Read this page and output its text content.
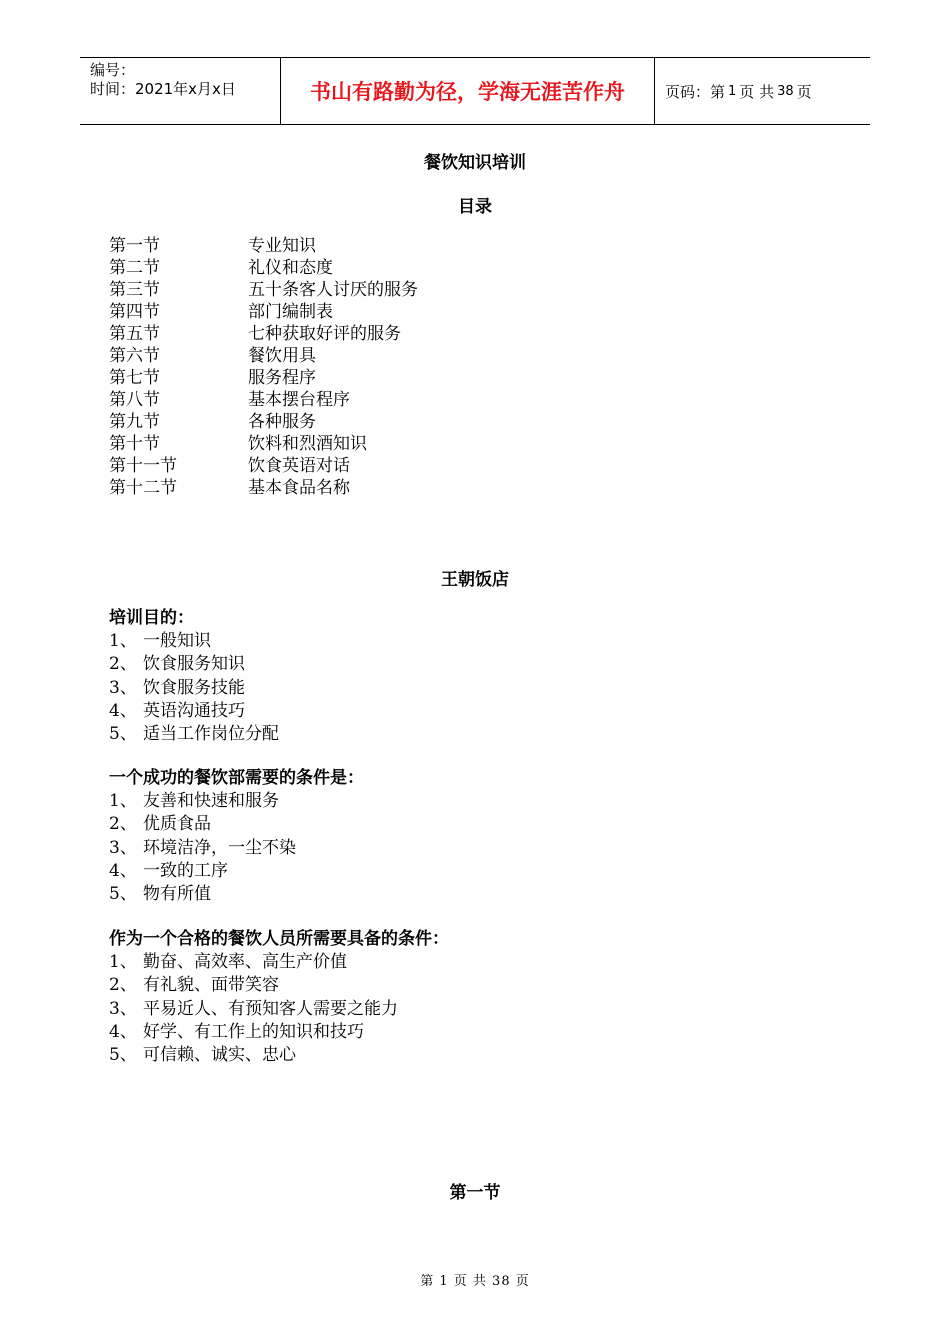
编号：
时间：2021年x月x日	书山有路勤为径，学海无涯苦作舟	页码：第 1 页 共 38 页
餐饮知识培训
目录
第一节	专业知识
第二节	礼仪和态度
第三节	五十条客人讨厌的服务
第四节	部门编制表
第五节	七种获取好评的服务
第六节	餐饮用具
第七节	服务程序
第八节	基本摆台程序
第九节	各种服务
第十节	饮料和烈酒知识
第十一节	饮食英语对话
第十二节	基本食品名称
王朝饭店
培训目的：
1、 一般知识
2、 饮食服务知识
3、 饮食服务技能
4、 英语沟通技巧
5、 适当工作岗位分配
一个成功的餐饮部需要的条件是：
1、 友善和快速和服务
2、 优质食品
3、 环境洁净，一尘不染
4、 一致的工序
5、 物有所值
作为一个合格的餐饮人员所需要具备的条件：
1、 勤奋、高效率、高生产价值
2、 有礼貌、面带笑容
3、 平易近人、有预知客人需要之能力
4、 好学、有工作上的知识和技巧
5、 可信赖、诚实、忠心
第一节
第 1 页 共 38 页
